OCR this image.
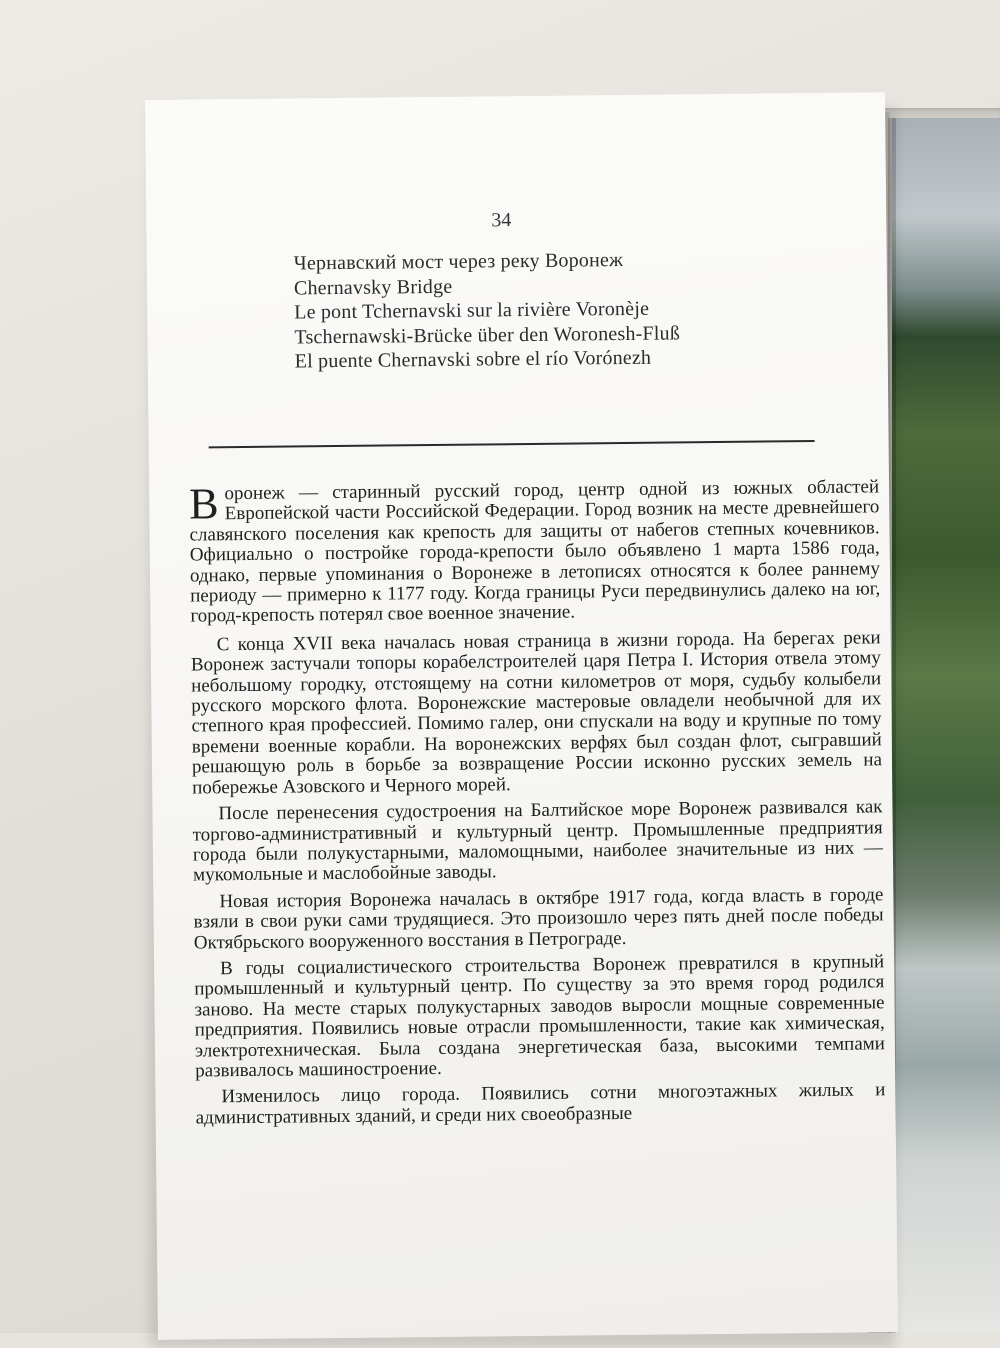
34
Чернавский мост через реку Воронеж
Chernavsky Bridge
Le pont Tchernavski sur la rivière Voronèje
Tschernawski-Brücke über den Woronesh-Fluß
El puente Chernavski sobre el río Vorónezh

Воронеж — старинный русский город, центр одной из южных областей Европейской части Российской Федерации. Город возник на месте древнейшего славянского поселения как крепость для защиты от набегов степных кочевников. Официально о постройке города-крепости было объявлено 1 марта 1586 года, однако, первые упоминания о Воронеже в летописях относятся к более раннему периоду — примерно к 1177 году. Когда границы Руси передвинулись далеко на юг, город-крепость потерял свое военное значение.

С конца XVII века началась новая страница в жизни города. На берегах реки Воронеж застучали топоры корабелстроителей царя Петра I. История отвела этому небольшому городку, отстоящему на сотни километров от моря, судьбу колыбели русского морского флота. Воронежские мастеровые овладели необычной для их степного края профессией. Помимо галер, они спускали на воду и крупные по тому времени военные корабли. На воронежских верфях был создан флот, сыгравший решающую роль в борьбе за возвращение России исконно русских земель на побережье Азовского и Черного морей.

После перенесения судостроения на Балтийское море Воронеж развивался как торгово-административный и культурный центр. Промышленные предприятия города были полукустарными, маломощными, наиболее значительные из них — мукомольные и маслобойные заводы.

Новая история Воронежа началась в октябре 1917 года, когда власть в городе взяли в свои руки сами трудящиеся. Это произошло через пять дней после победы Октябрьского вооруженного восстания в Петрограде.

В годы социалистического строительства Воронеж превратился в крупный промышленный и культурный центр. По существу за это время город родился заново. На месте старых полукустарных заводов выросли мощные современные предприятия. Появились новые отрасли промышленности, такие как химическая, электротехническая. Была создана энергетическая база, высокими темпами развивалось машиностроение.

Изменилось лицо города. Появились сотни многоэтажных жилых и административных зданий, и среди них своеобразные
